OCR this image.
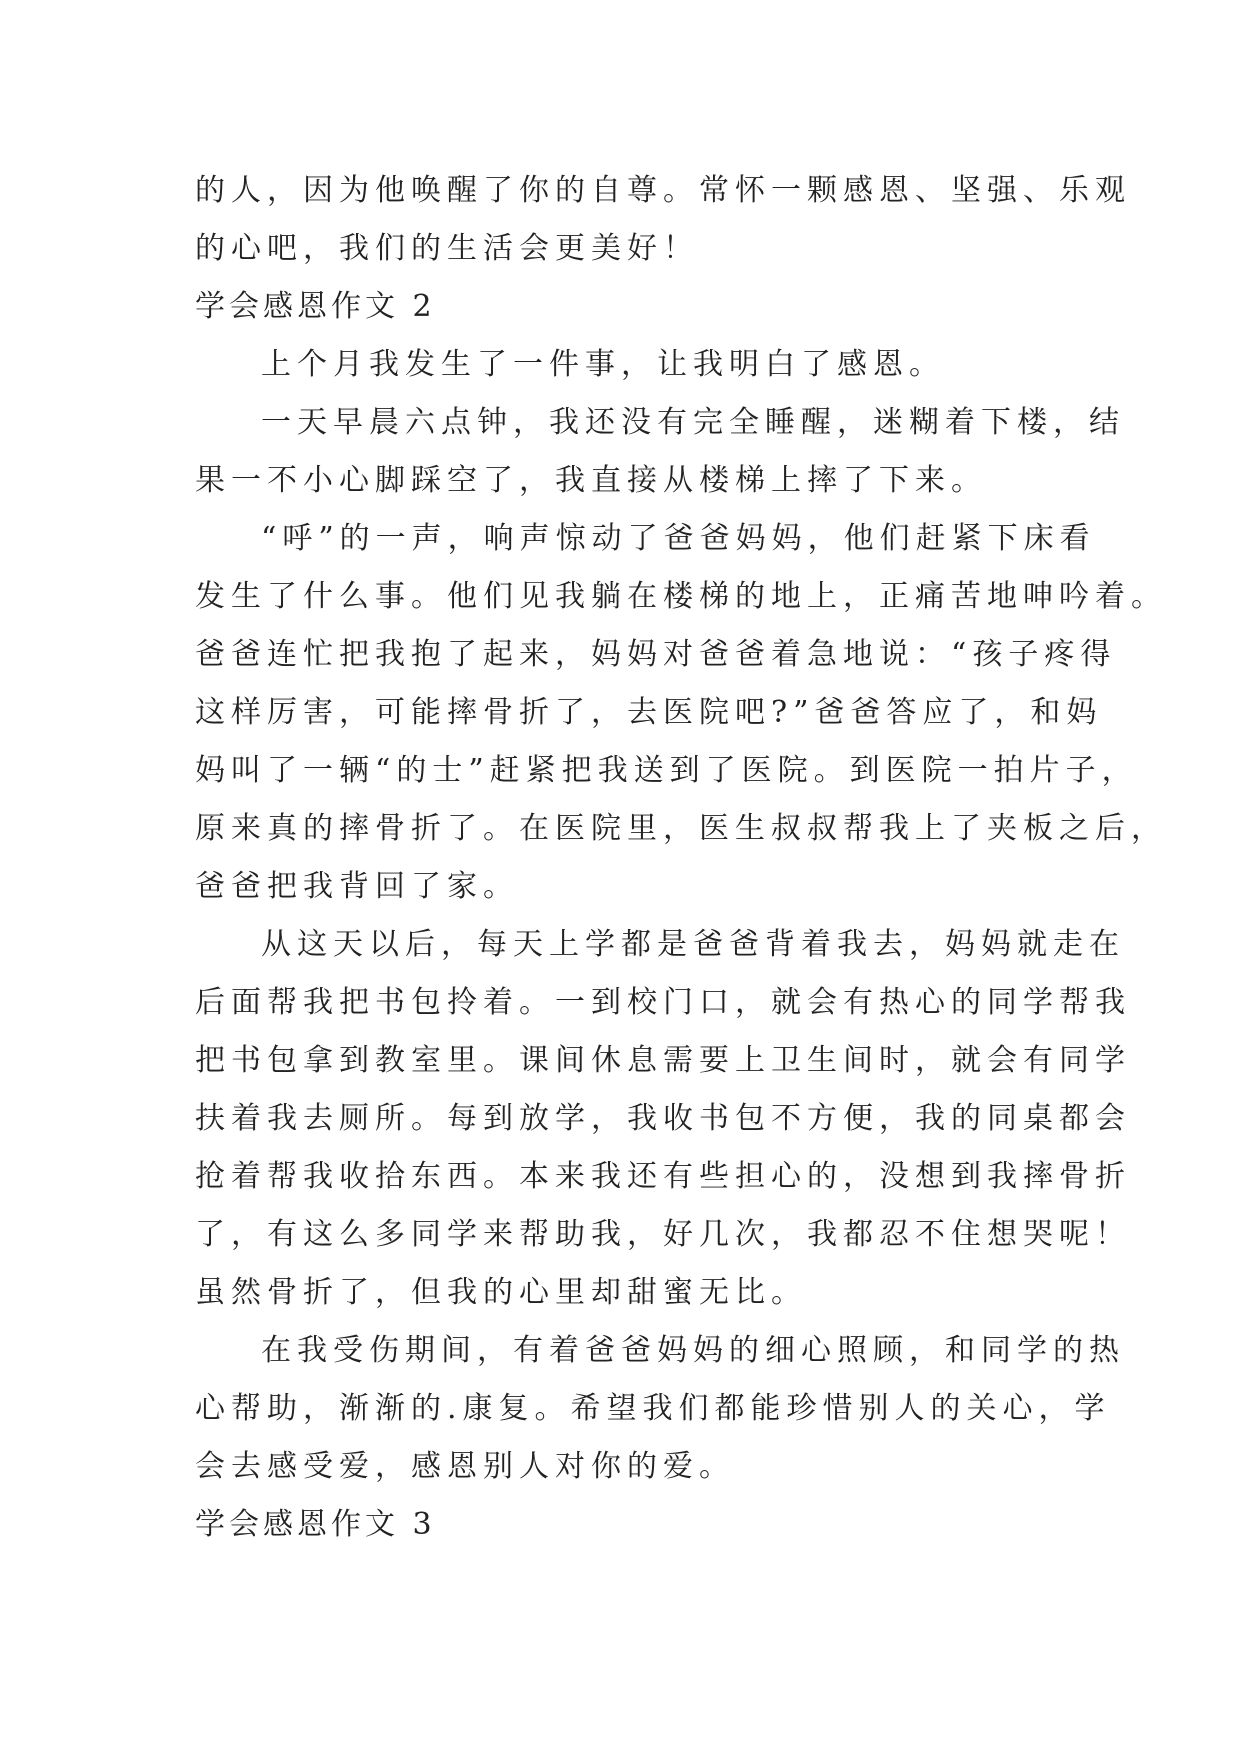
的人，因为他唤醒了你的自尊。常怀一颗感恩、坚强、乐观
的心吧，我们的生活会更美好！
学会感恩作文 2
上个月我发生了一件事，让我明白了感恩。
一天早晨六点钟，我还没有完全睡醒，迷糊着下楼，结
果一不小心脚踩空了，我直接从楼梯上摔了下来。
“呼”的一声，响声惊动了爸爸妈妈，他们赶紧下床看
发生了什么事。他们见我躺在楼梯的地上，正痛苦地呻吟着。
爸爸连忙把我抱了起来，妈妈对爸爸着急地说：“孩子疼得
这样厉害，可能摔骨折了，去医院吧?”爸爸答应了，和妈
妈叫了一辆“的士”赶紧把我送到了医院。到医院一拍片子，
原来真的摔骨折了。在医院里，医生叔叔帮我上了夹板之后，
爸爸把我背回了家。
从这天以后，每天上学都是爸爸背着我去，妈妈就走在
后面帮我把书包拎着。一到校门口，就会有热心的同学帮我
把书包拿到教室里。课间休息需要上卫生间时，就会有同学
扶着我去厕所。每到放学，我收书包不方便，我的同桌都会
抢着帮我收拾东西。本来我还有些担心的，没想到我摔骨折
了，有这么多同学来帮助我，好几次，我都忍不住想哭呢！
虽然骨折了，但我的心里却甜蜜无比。
在我受伤期间，有着爸爸妈妈的细心照顾，和同学的热
心帮助，渐渐的.康复。希望我们都能珍惜别人的关心，学
会去感受爱，感恩别人对你的爱。
学会感恩作文 3
